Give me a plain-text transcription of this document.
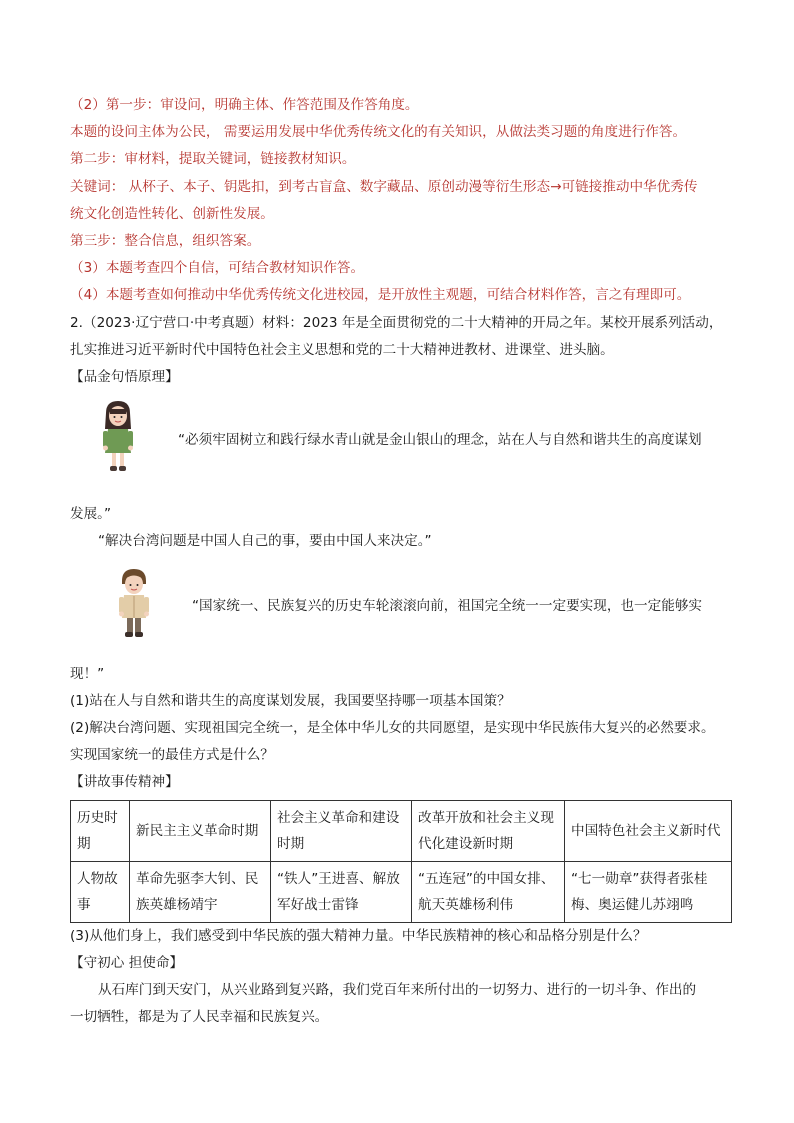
（2）第一步：审设问，明确主体、作答范围及作答角度。
本题的设问主体为公民， 需要运用发展中华优秀传统文化的有关知识，从做法类习题的角度进行作答。
第二步：审材料，提取关键词，链接教材知识。
关键词： 从杯子、本子、钥匙扣，到考古盲盒、数字藏品、原创动漫等衍生形态→可链接推动中华优秀传
统文化创造性转化、创新性发展。
第三步：整合信息，组织答案。
（3）本题考查四个自信，可结合教材知识作答。
（4）本题考查如何推动中华优秀传统文化进校园，是开放性主观题，可结合材料作答，言之有理即可。
2.（2023·辽宁营口·中考真题）材料：2023 年是全面贯彻党的二十大精神的开局之年。某校开展系列活动，
扎实推进习近平新时代中国特色社会主义思想和党的二十大精神进教材、进课堂、进头脑。
【品金句悟原理】
“必须牢固树立和践行绿水青山就是金山银山的理念，站在人与自然和谐共生的高度谋划
发展。”
“解决台湾问题是中国人自己的事，要由中国人来决定。”
“国家统一、民族复兴的历史车轮滚滚向前，祖国完全统一一定要实现，也一定能够实
现！”
(1)站在人与自然和谐共生的高度谋划发展，我国要坚持哪一项基本国策？
(2)解决台湾问题、实现祖国完全统一，是全体中华儿女的共同愿望，是实现中华民族伟大复兴的必然要求。
实现国家统一的最佳方式是什么？
【讲故事传精神】
历史时期	新民主主义革命时期	社会主义革命和建设时期	改革开放和社会主义现代化建设新时期	中国特色社会主义新时代
人物故事	革命先驱李大钊、民族英雄杨靖宇	“铁人”王进喜、解放军好战士雷锋	“五连冠”的中国女排、航天英雄杨利伟	“七一勋章”获得者张桂梅、奥运健儿苏翊鸣
(3)从他们身上，我们感受到中华民族的强大精神力量。中华民族精神的核心和品格分别是什么？
【守初心 担使命】
从石库门到天安门，从兴业路到复兴路，我们党百年来所付出的一切努力、进行的一切斗争、作出的
一切牺牲，都是为了人民幸福和民族复兴。
